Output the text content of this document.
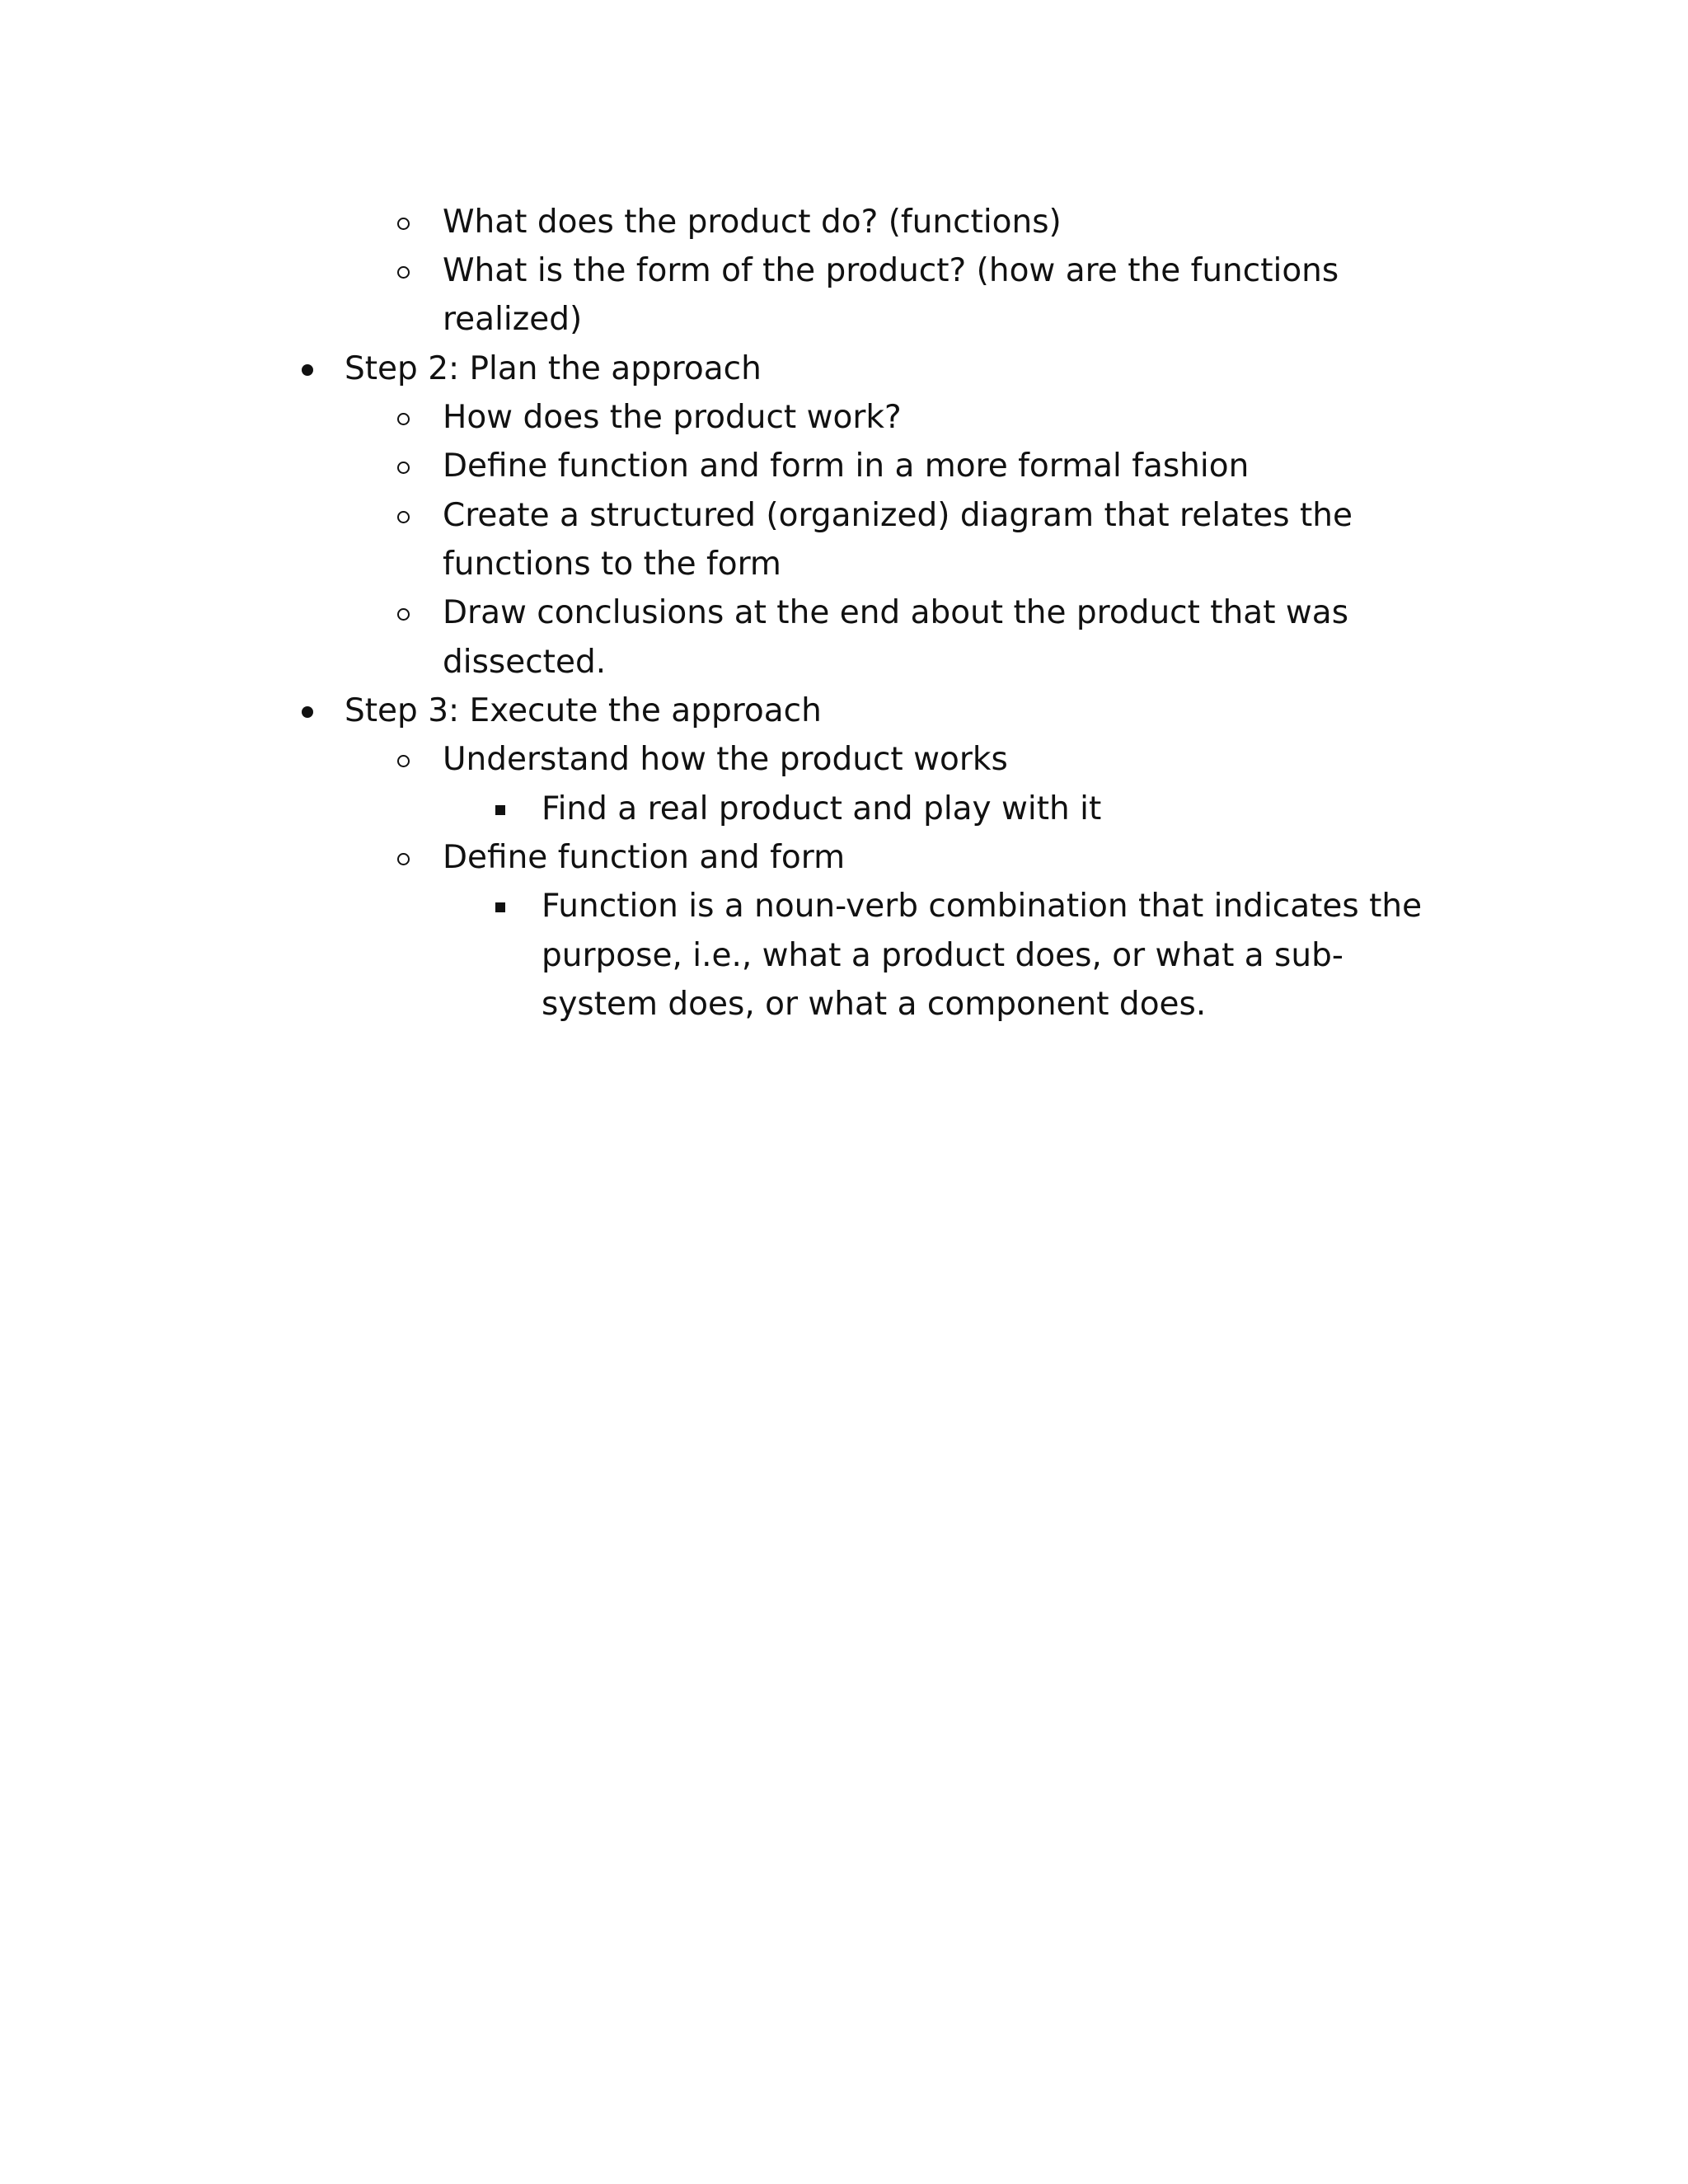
What does the product do? (functions)
What is the form of the product? (how are the functions
realized)
Step 2: Plan the approach
How does the product work?
Define function and form in a more formal fashion
Create a structured (organized) diagram that relates the
functions to the form
Draw conclusions at the end about the product that was
dissected.
Step 3: Execute the approach
Understand how the product works
Find a real product and play with it
Define function and form
Function is a noun-verb combination that indicates the
purpose, i.e., what a product does, or what a sub-
system does, or what a component does.
